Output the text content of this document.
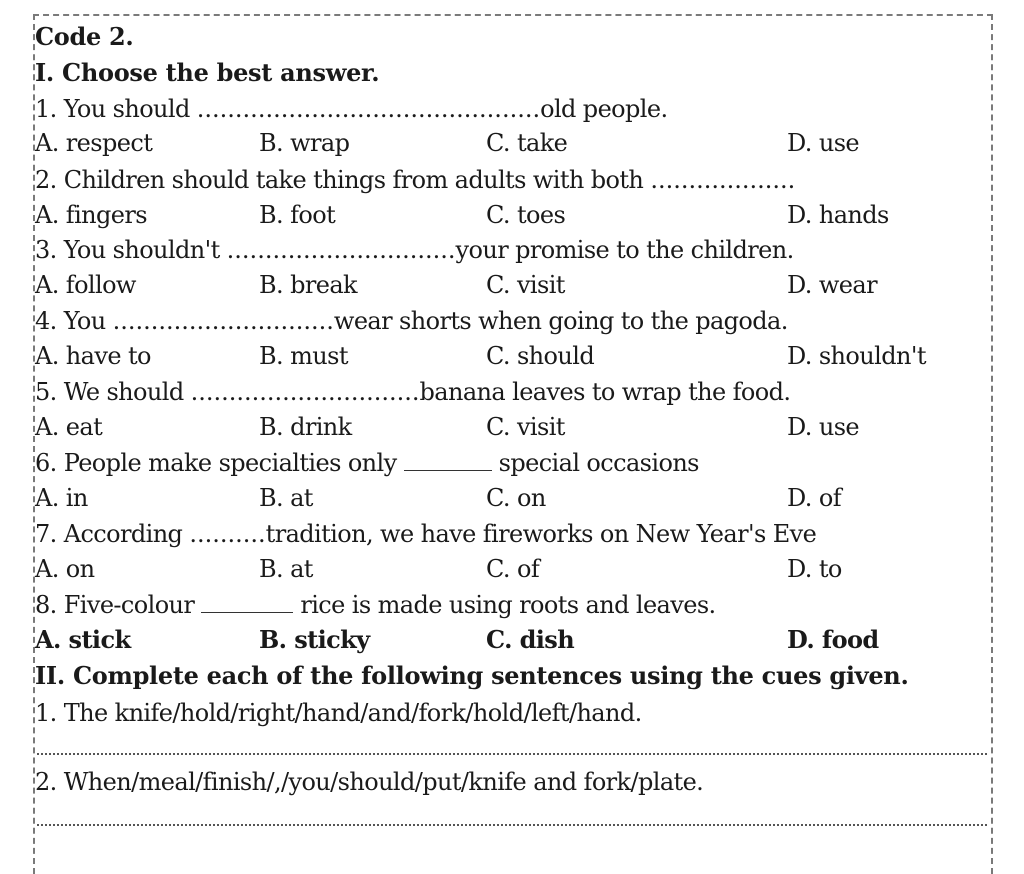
Code 2.
I. Choose the best answer.
1. You should .............................................old people.
A. respect	B. wrap	C. take	D. use
2. Children should take things from adults with both ...................
A. fingers	B. foot	C. toes	D. hands
3. You shouldn't ..............................your promise to the children.
A. follow	B. break	C. visit	D. wear
4. You .............................wear shorts when going to the pagoda.
A. have to	B. must	C. should	D. shouldn't
5. We should ..............................banana leaves to wrap the food.
A. eat	B. drink	C. visit	D. use
6. People make specialties only	special occasions
A. in	B. at	C. on	D. of
7. According ..........tradition, we have fireworks on New Year's Eve
A. on	B. at	C. of	D. to
8. Five-colour	rice is made using roots and leaves.
A. stick	B. sticky	C. dish	D. food
II. Complete each of the following sentences using the cues given.
1. The knife/hold/right/hand/and/fork/hold/left/hand.
2. When/meal/finish/,/you/should/put/knife and fork/plate.
